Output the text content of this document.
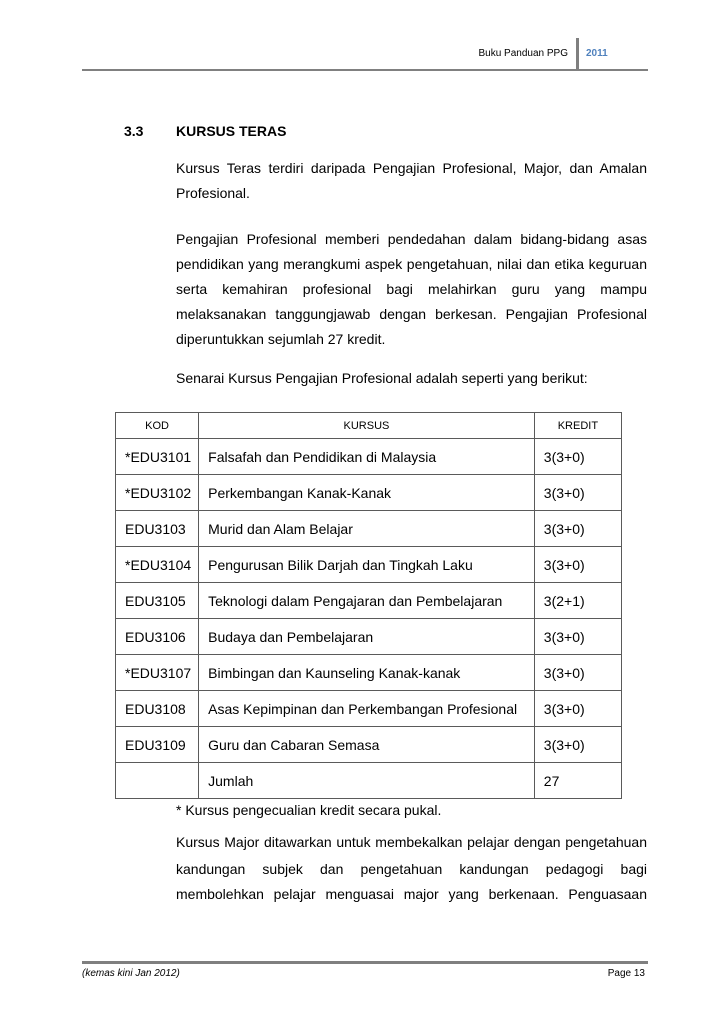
Buku Panduan PPG 2011
3.3 KURSUS TERAS

Kursus Teras terdiri daripada Pengajian Profesional, Major, dan Amalan Profesional.

Pengajian Profesional memberi pendedahan dalam bidang-bidang asas pendidikan yang merangkumi aspek pengetahuan, nilai dan etika keguruan serta kemahiran profesional bagi melahirkan guru yang mampu melaksanakan tanggungjawab dengan berkesan. Pengajian Profesional diperuntukkan sejumlah 27 kredit.

Senarai Kursus Pengajian Profesional adalah seperti yang berikut:

KOD	KURSUS	KREDIT
*EDU3101	Falsafah dan Pendidikan di Malaysia	3(3+0)
*EDU3102	Perkembangan Kanak-Kanak	3(3+0)
EDU3103	Murid dan Alam Belajar	3(3+0)
*EDU3104	Pengurusan Bilik Darjah dan Tingkah Laku	3(3+0)
EDU3105	Teknologi dalam Pengajaran dan Pembelajaran	3(2+1)
EDU3106	Budaya dan Pembelajaran	3(3+0)
*EDU3107	Bimbingan dan Kaunseling Kanak-kanak	3(3+0)
EDU3108	Asas Kepimpinan dan Perkembangan Profesional	3(3+0)
EDU3109	Guru dan Cabaran Semasa	3(3+0)
	Jumlah	27
* Kursus pengecualian kredit secara pukal.

Kursus Major ditawarkan untuk membekalkan pelajar dengan pengetahuan

kandungan subjek dan pengetahuan kandungan pedagogi bagi membolehkan pelajar menguasai major yang berkenaan. Penguasaan

(kemas kini Jan 2012)	Page 13
